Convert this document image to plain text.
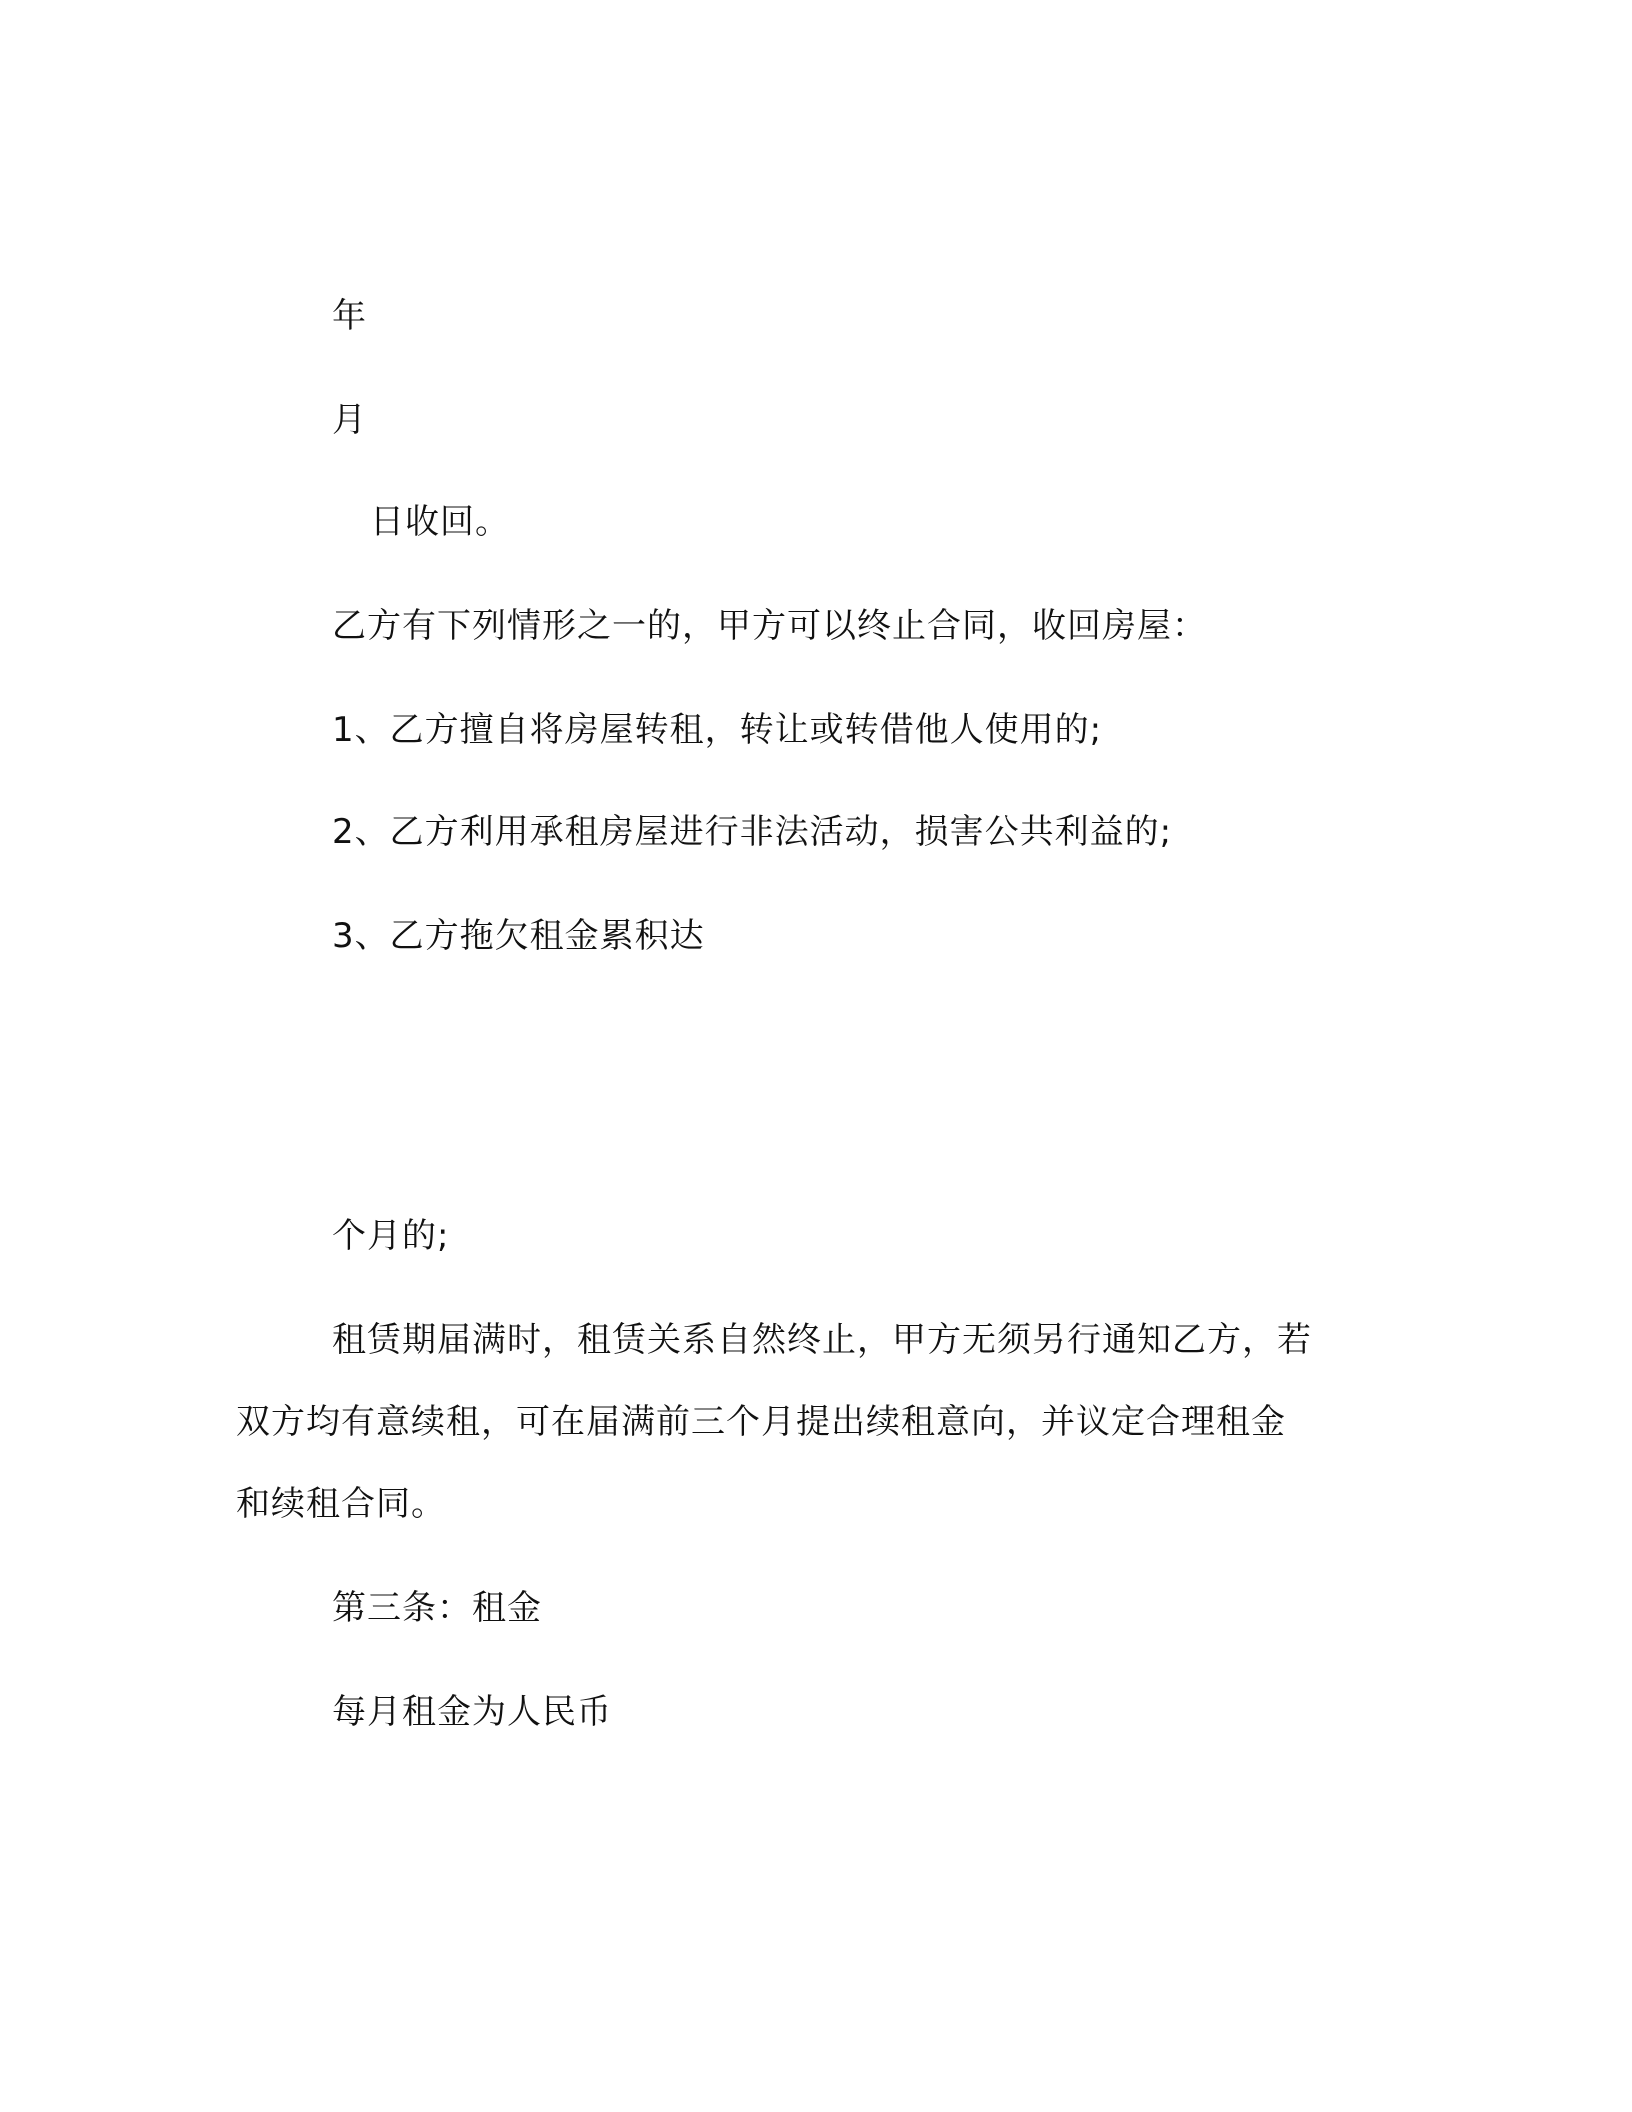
年
月
日收回。
乙方有下列情形之一的，甲方可以终止合同，收回房屋：
1、乙方擅自将房屋转租，转让或转借他人使用的;
2、乙方利用承租房屋进行非法活动，损害公共利益的;
3、乙方拖欠租金累积达
个月的;
租赁期届满时，租赁关系自然终止，甲方无须另行通知乙方，若
双方均有意续租，可在届满前三个月提出续租意向，并议定合理租金
和续租合同。
第三条：租金
每月租金为人民币
